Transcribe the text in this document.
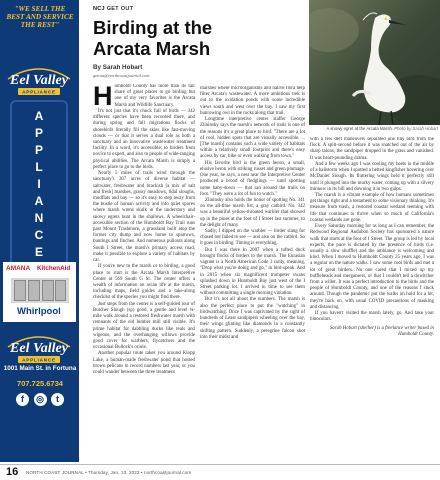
"WE SELL THE BEST AND SERVICE THE REST"
Eel Valley
APPLIANCE
A
P
P
L
I
A
N
C
E
AMANA KitchenAid
Whirlpool
Eel Valley
APPLIANCE
1001 Main St. in Fortuna
707.725.6734
f	◎	t
NCJ GET OUT
Birding at the Arcata Marsh
By Sarah Hobart
getout@northcoastjournal.com

Humboldt County has more than its fair share of great places to go birding but one of my very favorites is the Arcata Marsh and Wildlife Sanctuary.

It's not just that it's chock full of birds — 342 different species have been recorded there, and during spring and fall migrations flocks of shorebirds literally fill the skies like fast-moving clouds — or that it serves a dual role as both a sanctuary and an innovative wastewater treatment facility. In a word, it's accessible: to birders from novice to expert, and also to people of wide-ranging physical abilities. The Arcata Marsh is simply a perfect place to go to the birds.

Nearly 5 miles of trails wind through the sanctuary's 307 acres of diverse habitat — saltwater, freshwater and brackish [a mix of salt and fresh] marshes, grassy meadows, tidal sloughs, mudflats and bay — so it's easy to step away from the bustle of human activity and into quiet spaces where marsh wrens skulk in the understory and snowy egrets hunt in the shallows. A wheelchair-accessible section of the Humboldt Bay Trail runs past Mount Trashmore, a grassland built atop the former city dump and now home to sparrows, buntings and finches. And numerous pullouts along South I Street, the marsh's primary access road, make it possible to explore a variety of habitats by car.

If you're new to the marsh or to birding, a good place to start is the Arcata Marsh Interpretive Center at 569 South G St. The center offers a wealth of information on avian life at the marsh, including maps, field guides and a take-along checklist of the species you might find there.

Just steps from the center is a self-guided tour of Butcher Slough (sp) good, a gentle and level ¾-mile walk around a restored freshwater marsh with remnants of the old lumber mill still visible. It's prime habitat for dabbling ducks like teals and wigeons, and the overhanging willows provide good cover for warblers, flycatchers and the occasional Bullock's oriole.

Another popular route takes you around Klopp Lake, a human-made freshwater pond that hosted brown pelicans in record numbers last year, or you could wander between the three treatment

marshes where microorganisms and native flora help filter Arcata's wastewater. A more ambitious trek is out to the oxidation ponds with some incredible views south and west over the bay. I saw my first bunrowing owl in the rocks along that trail.

Longtime interpretive center staffer George Zlininsky says the marsh's network of trails is one of the reasons it's a great place to bird. "There are a lot of cool, hidden spots that are visually accessible. ... [The marsh] contains such a wide variety of habitats within a relatively small footprint and there's easy access by car, bike or even walking from town."

His favorite bird is the green heron, a small, elusive heron with striking russet and green plumage. One year, he says, a nest near the Interpretive Center produced a brood of fledglings — until sporting some baby-down — that ran around the trails on foot. "They were a lot of fun to watch."

Zlininsky also holds the honor of spotting No. 341 on the all-time marsh list, a gray catbird. No. 342 was a beautiful yellow-throated warbler that showed up in the pines at the foot of I Street last summer, to the delight of many.

Sadly, I dipped on the warbler — birder slang for chased but failed to see — and also on the catbird. So it goes in birding. Timing is everything.

But I was there in 2007 when a tufted duck brought flocks of birders to the marsh. The Eurasian vagrant is a North American Code 3 rarity, meaning, "Drop what you're doing and go," in bird-speak. And in 2015 when six magnificent trumpeter swans splashed down in Humboldt Bay just west of the I Street parking lot. I arrived in time to see them without committing a single morning violation.

But it's not all about the numbers. The marsh is also the perfect place to put the "watching" in birdwatching. Once I was captivated by the sight of hundreds of Least sandpipers wheeling over the bay, their wings glinting like diamonds in a constantly shifting pattern. Suddenly, a peregrine falcon shot into their midst and

A snowy egret at the Arcata Marsh. Photo by Sarah Hobart

with a few deft maneuvers separated one tiny bird from the flock. A split-second before it was snatched out of the air by sharp talons, the sandpiper dropped in the grass and vanished. It was heart-pounding drama.

And a few weeks ago I was cooling my heels in the middle of a hailstorm when I spotted a belted kingfisher hovering over McDaniel Slough. Its fluttering wings held it perfectly still until it plunged into the murky water, coming up with a silvery minnow in its bill and downing it in two gulps.

The marsh is a vibrant example of how humans sometimes get things right and a testament to some visionary thinking. It's treasure from trash, a restored coastal wetland teeming with life that continues to thrive when so much of California's coastal wetlands are gone.

Every Saturday morning for as long as I can remember, the Redwood Regional Audubon Society has sponsored a nature walk that starts at the foot of I Street. The group is led by local experts, the pace is dictated by the presence of birds (i.e. usually a slow shuffle) and the ambiance is welcoming and kind. When I moved to Humboldt County 25 years ago, I was a regular on the nature walks. I saw some cool birds and met a lot of great birders. No one cared that I mixed up my buffleheads and mergansers, or that I couldn't tell a dowitcher from a willet. It was a perfect introduction to the birds and the people of Humboldt County, and one of the reasons I stuck around. Though the pandemic put the walks on hold for a bit, they're back on, with usual COVID precautions of masking and distancing.

If you haven't visited the marsh lately, go. And take your binoculars.

Sarah Hobart (she/her) is a freelance writer based in Humboldt County.

16 NORTH COAST JOURNAL • Thursday, Jan. 13, 2022 • northcoastjournal.com
